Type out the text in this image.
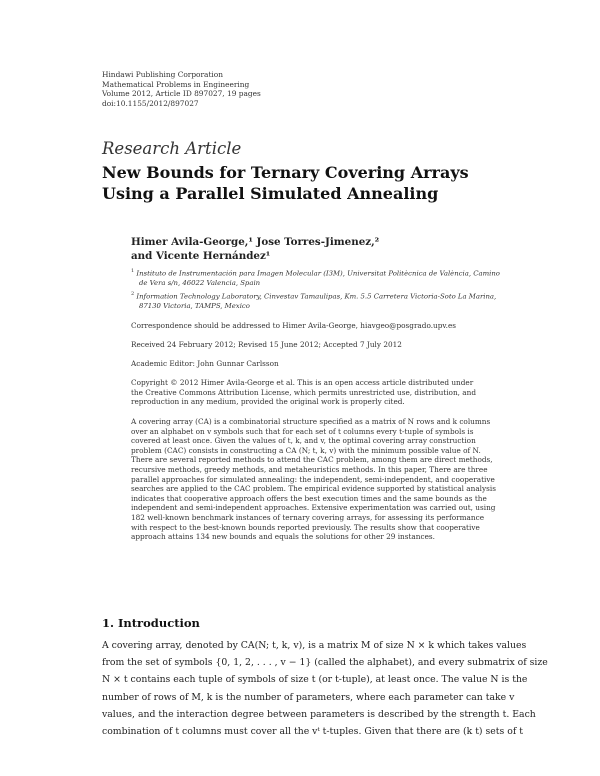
Hindawi Publishing Corporation
Mathematical Problems in Engineering
Volume 2012, Article ID 897027, 19 pages
doi:10.1155/2012/897027
Research Article
New Bounds for Ternary Covering Arrays Using a Parallel Simulated Annealing
Himer Avila-George,¹ Jose Torres-Jimenez,²
and Vicente Hernández¹
$^1$ Instituto de Instrumentación para Imagen Molecular (I3M), Universitat Politècnica de València, Camino
de Vera s/n, 46022 Valencia, Spain
$^2$ Information Technology Laboratory, Cinvestav Tamaulipas, Km. 5.5 Carretera Victoria-Soto La Marina,
87130 Victoria, TAMPS, Mexico
Correspondence should be addressed to Himer Avila-George, hiavgeo@posgrado.upv.es
Received 24 February 2012; Revised 15 June 2012; Accepted 7 July 2012
Academic Editor: John Gunnar Carlsson
Copyright © 2012 Himer Avila-George et al. This is an open access article distributed under
the Creative Commons Attribution License, which permits unrestricted use, distribution, and
reproduction in any medium, provided the original work is properly cited.
A covering array (CA) is a combinatorial structure specified as a matrix of N rows and k columns
over an alphabet on v symbols such that for each set of t columns every t-tuple of symbols is
covered at least once. Given the values of t, k, and v, the optimal covering array construction
problem (CAC) consists in constructing a CA (N; t, k, v) with the minimum possible value of N.
There are several reported methods to attend the CAC problem, among them are direct methods,
recursive methods, greedy methods, and metaheuristics methods. In this paper, There are three
parallel approaches for simulated annealing: the independent, semi-independent, and cooperative
searches are applied to the CAC problem. The empirical evidence supported by statistical analysis
indicates that cooperative approach offers the best execution times and the same bounds as the
independent and semi-independent approaches. Extensive experimentation was carried out, using
182 well-known benchmark instances of ternary covering arrays, for assessing its performance
with respect to the best-known bounds reported previously. The results show that cooperative
approach attains 134 new bounds and equals the solutions for other 29 instances.
1. Introduction
A covering array, denoted by CA(N; t, k, v), is a matrix M of size N × k which takes values
from the set of symbols {0, 1, 2, . . . , v − 1} (called the alphabet), and every submatrix of size
N × t contains each tuple of symbols of size t (or t-tuple), at least once. The value N is the
number of rows of M, k is the number of parameters, where each parameter can take v
values, and the interaction degree between parameters is described by the strength t. Each
combination of t columns must cover all the vᵗ t-tuples. Given that there are (k t) sets of t
